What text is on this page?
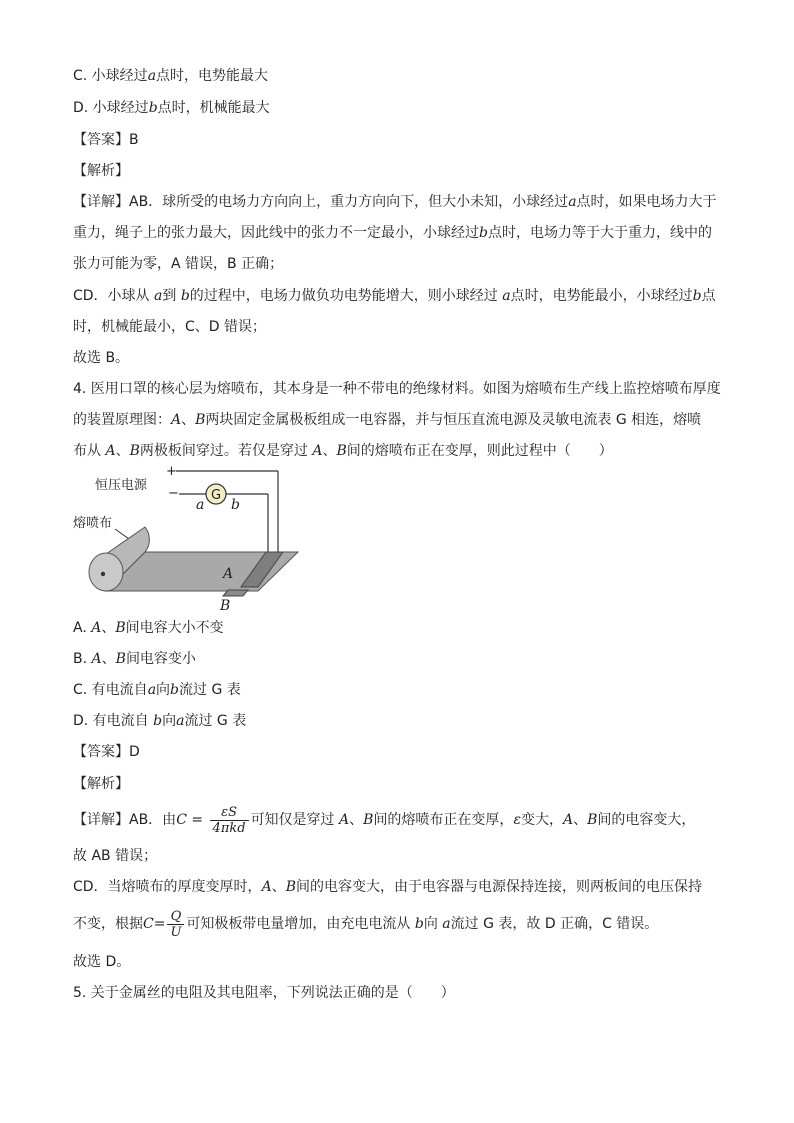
C. 小球经过a点时，电势能最大
D. 小球经过b点时，机械能最大
【答案】B
【解析】
【详解】AB．球所受的电场力方向向上，重力方向向下，但大小未知，小球经过a点时，如果电场力大于
重力，绳子上的张力最大，因此线中的张力不一定最小，小球经过b点时，电场力等于大于重力，线中的
张力可能为零，A 错误，B 正确；
CD．小球从 a到 b的过程中，电场力做负功电势能增大，则小球经过 a点时，电势能最小，小球经过b点
时，机械能最小，C、D 错误；
故选 B。
4. 医用口罩的核心层为熔喷布，其本身是一种不带电的绝缘材料。如图为熔喷布生产线上监控熔喷布厚度
的装置原理图：A、B两块固定金属极板组成一电容器，并与恒压直流电源及灵敏电流表 G 相连，熔喷
布从 A、B两极板间穿过。若仅是穿过 A、B间的熔喷布正在变厚，则此过程中（　　）
+
恒压电源
− G
a b
熔喷布
A
B
A. A、B间电容大小不变
B. A、B间电容变小
C. 有电流自a向b流过 G 表
D. 有电流自 b向a流过 G 表
【答案】D
【解析】
【详解】AB．由$C = \frac{\varepsilon S}{\text{4πkd}}$ 可知仅是穿过 A、B间的熔喷布正在变厚，ε变大，A、B间的电容变大，
故 AB 错误；
CD．当熔喷布的厚度变厚时，A、B间的电容变大，由于电容器与电源保持连接，则两板间的电压保持
不变，根据$C= \frac{Q}{U}$ 可知极板带电量增加，由充电电流从 b向 a流过 G 表，故 D 正确，C 错误。
故选 D。
5. 关于金属丝的电阻及其电阻率，下列说法正确的是（　　）
